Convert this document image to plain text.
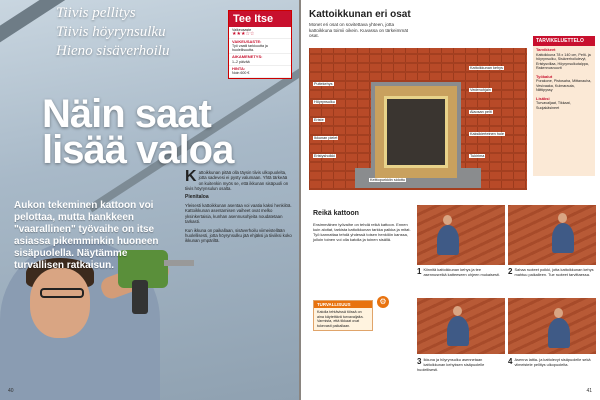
Tiivis pellitys
Tiivis höyrynsulku
Hieno sisäverhoilu
Näin saat lisää valoa
Aukon tekeminen kattoon voi pelottaa, mutta hankkeen "vaarallinen" työvaihe on itse asiassa pikemminkin huoneen sisäpuolella. Näytämme turvallisen ratkaisun.
Tee Itse
Vaikeusaste
★★★☆☆
VAIKEUSASTE:
Työ vaatii tarkkuutta ja huolellisuutta.
AIKAMENETYS:
1–2 päivää
HINTA:
Noin 600 €

Kattoikkunan pitää olla täysin tiivis ulkopuolelta, jotta sadevesi ei pysty valumaan. Yhtä tärkeää on kuitenkin myös se, että ikkunan sisäpuoli on tiivis höyrynsulun osalta.

Pienitaloa

Yleisesti kattoikkunan asentaa voi vaatia kaksi henkilöä. Kattoikkunan asentamisen vaiheet ovat melko yksinkertaisia, kunhan asennusohjeita noudatetaan tarkasti.

Kun ikkuna on paikallaan, sisäverhoilu viimeistellään huolellisesti, jotta höyrynsulku jää ehjäksi ja tiiviiksi koko ikkunan ympäriltä.

40
Kattoikkunan eri osat
Monet eri osat on sovitettava yhteen, jotta kattoikkuna toimii oikein. Kuvassa on tärkeimmät osat.
Puitekehys
Höyrynsulku
Eriste
Ikkunan pielet
Eristysholkki
Kattoikkunan kehys
Vedenohjain
Alaosan pelti
Kaksikierteinen hole
Tukirima
Keittopurkkiin sidottu
TARVIKELUETTELO
Tarvikkeet
Kattoikkuna 78 x 140 cm, Pelti- ja höyrynsulku, Sisäverhoilulevyt, Eristysvillaa, Höyrynsulkutalppa, Rakennusruuvit
Työkalut
Porakone, Pistosaha, Mittanauha, Vesivaaka, Kulmarauta, Niittipyssy
Lisäksi
Turvavaljaat, Tikkaat, Suojakäsineet
Reikä kattoon
Ensimmäinen työvaihe on tehdä reikä kattoon. Ennen kuin aloitat, tarkista kattoikkunan tarkka paikka ja mitat. Työ kannattaa tehdä yhdessä toisen henkilön kanssa, jolloin toinen voi olla katolla ja toinen sisällä.
TURVALLISUUS
Katolla tehtävissä töissä on aina käytettävä turvavaljaita. Varmista, että tikkaat ovat tukevasti paikallaan.
⚙
1 Kiinnitä kattoikkunan kehys ja tee asennusreikä katteeseen ohjeen mukaisesti. 2 Sahaa ruoteet poikki, jotta kattoikkunan kehys mahtuu paikalleen. Tue ruoteet tarvittaessa.
3 Ikkuna ja höyrynsulku asennetaan kattoikkunan kehyksen sisäpuolelle huolellisesti.
4 Asenna lattia- ja kattolevyt sisäpuolelle sekä viimeistele pellitys ulkopuolelta.
41
